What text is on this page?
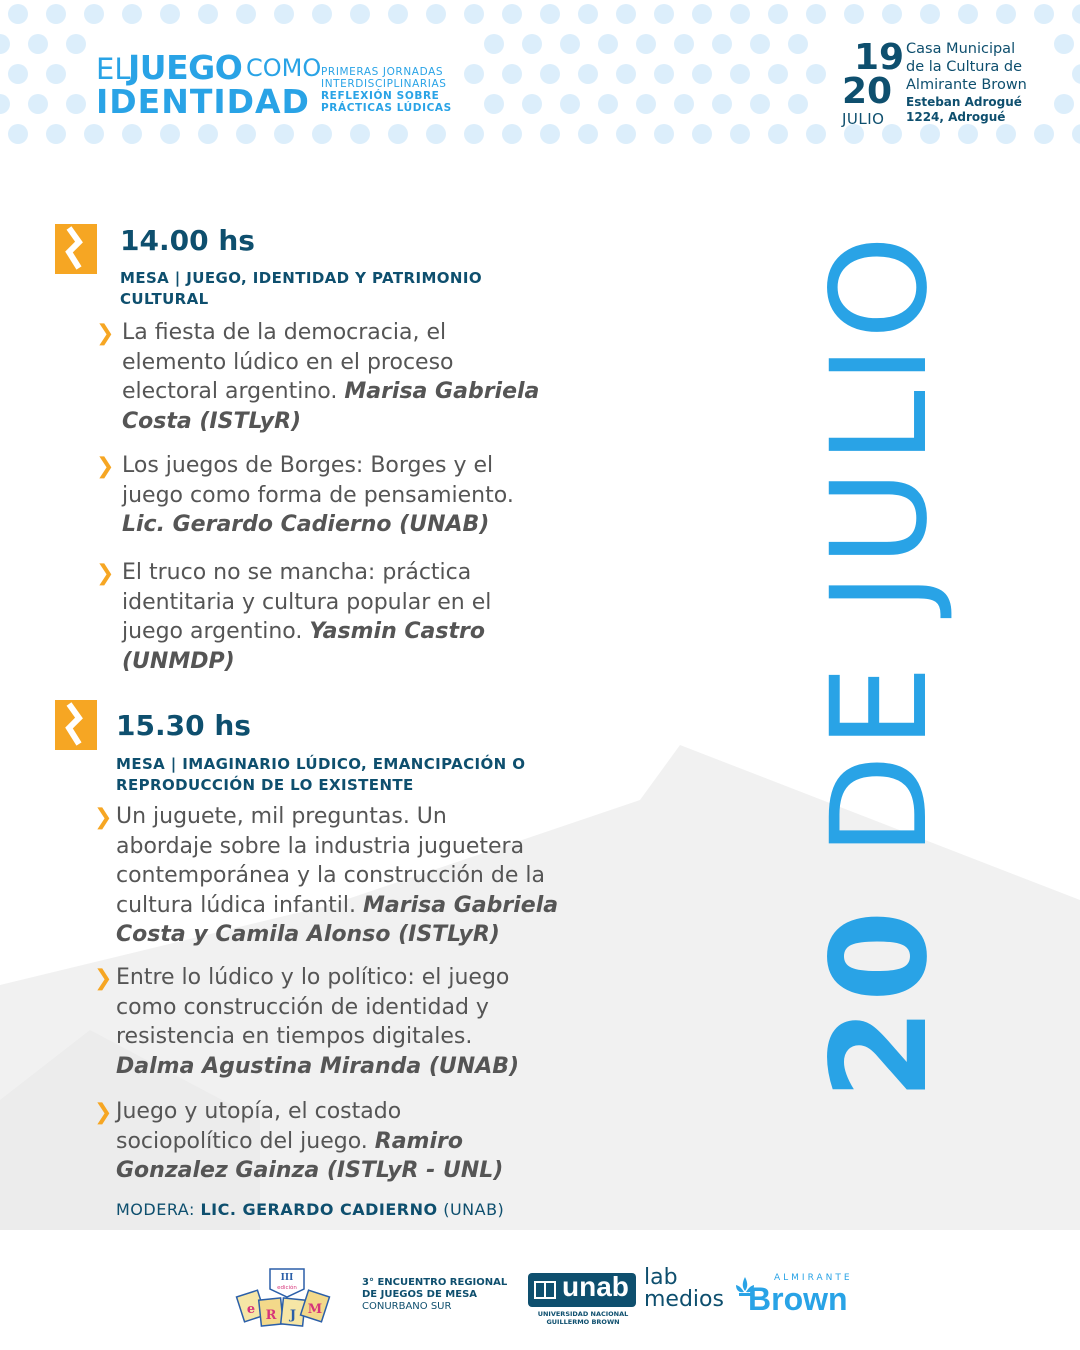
EL
JUEGO COMO
IDENTIDAD
PRIMERAS JORNADAS
INTERDISCIPLINARIAS
REFLEXIÓN SOBRE
PRÁCTICAS LÚDICAS
19
20
JULIO
Casa Municipal
de la Cultura de
Almirante Brown
Esteban Adrogué
1224, Adrogué
20 DE JULIO
14.00 hs
MESA | JUEGO, IDENTIDAD Y PATRIMONIO
CULTURAL
❯ La fiesta de la democracia, el
elemento lúdico en el proceso
electoral argentino. Marisa Gabriela
Costa (ISTLyR)
❯ Los juegos de Borges: Borges y el
juego como forma de pensamiento.
Lic. Gerardo Cadierno (UNAB)
❯ El truco no se mancha: práctica
identitaria y cultura popular en el
juego argentino. Yasmin Castro
(UNMDP)
15.30 hs
MESA | IMAGINARIO LÚDICO, EMANCIPACIÓN O
REPRODUCCIÓN DE LO EXISTENTE
❯ Un juguete, mil preguntas. Un
abordaje sobre la industria juguetera
contemporánea y la construcción de la
cultura lúdica infantil. Marisa Gabriela
Costa y Camila Alonso (ISTLyR)
❯ Entre lo lúdico y lo político: el juego
como construcción de identidad y
resistencia en tiempos digitales.
Dalma Agustina Miranda (UNAB)
❯ Juego y utopía, el costado
sociopolítico del juego. Ramiro
Gonzalez Gainza (ISTLyR - UNL)
MODERA: LIC. GERARDO CADIERNO (UNAB)
III
edición
e R J M
3° ENCUENTRO REGIONAL
DE JUEGOS DE MESA
CONURBANO SUR
unab
UNIVERSIDAD NACIONAL
GUILLERMO BROWN
lab
medios
ALMIRANTE
Brown
